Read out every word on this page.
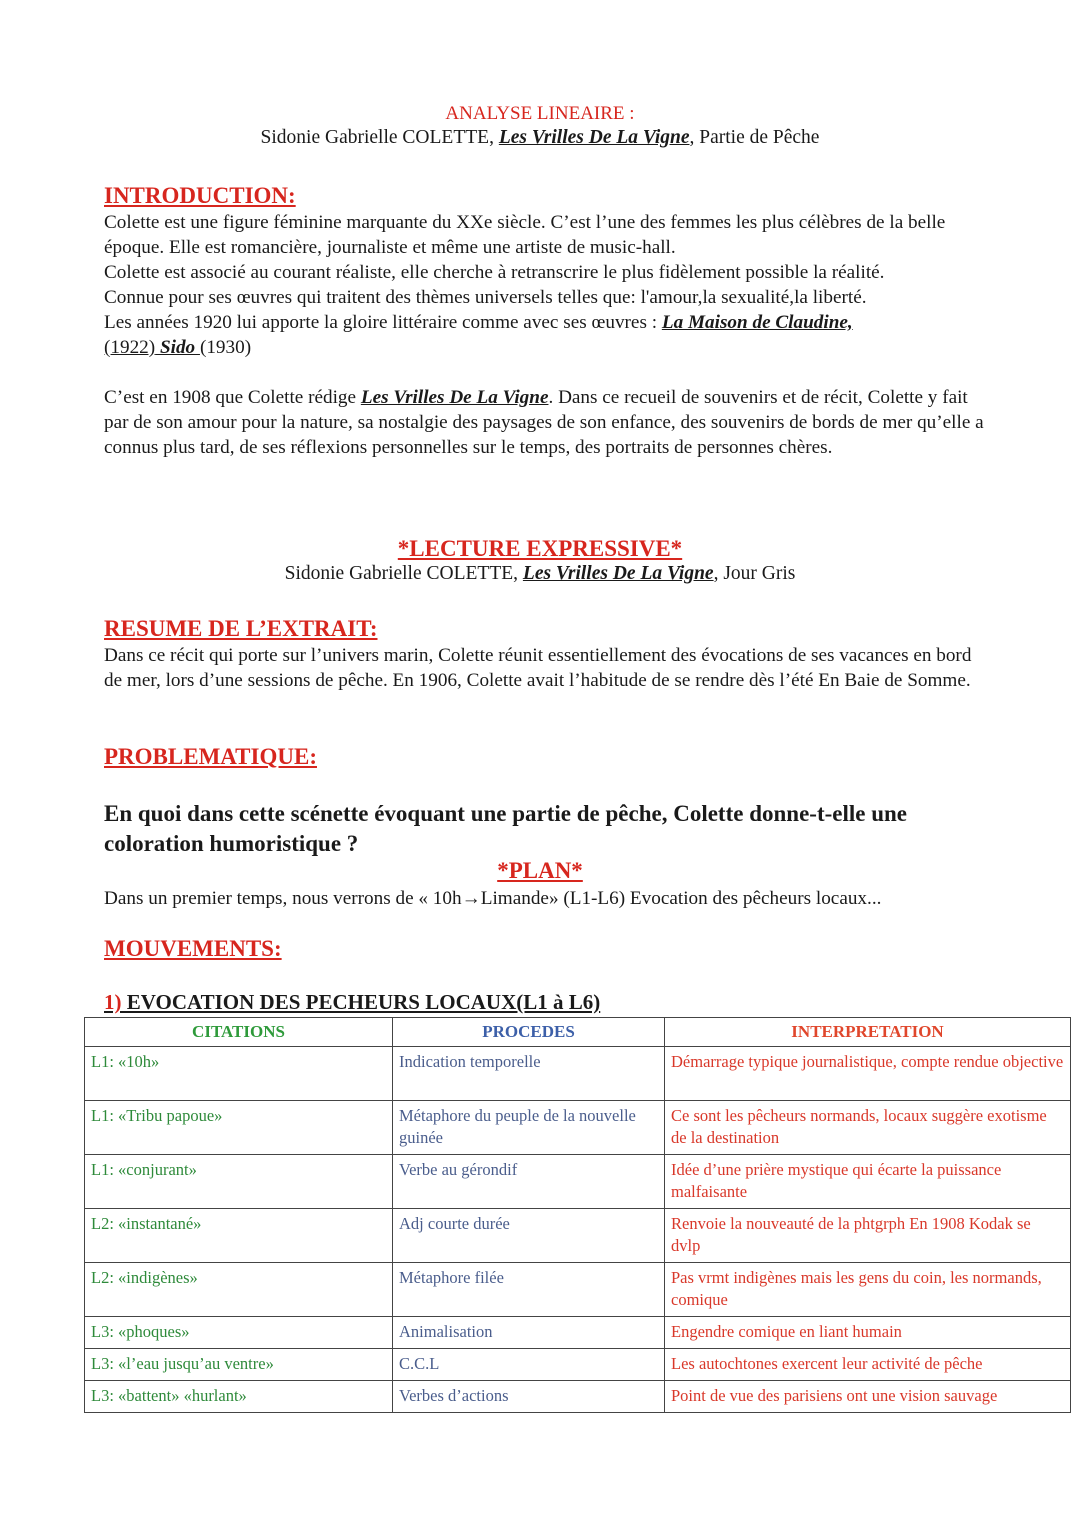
ANALYSE LINEAIRE :
Sidonie Gabrielle COLETTE, Les Vrilles De La Vigne, Partie de Pêche
INTRODUCTION:

Colette est une figure féminine marquante du XXe siècle. C’est l’une des femmes les plus célèbres de la belle époque. Elle est romancière, journaliste et même une artiste de music-hall.

Colette est associé au courant réaliste, elle cherche à retranscrire le plus fidèlement possible la réalité.

Connue pour ses œuvres qui traitent des thèmes universels telles que: l'amour,la sexualité,la liberté.

Les années 1920 lui apporte la gloire littéraire comme avec ses œuvres : La Maison de Claudine,
(1922) Sido (1930)

C’est en 1908 que Colette rédige Les Vrilles De La Vigne. Dans ce recueil de souvenirs et de récit, Colette y fait par de son amour pour la nature, sa nostalgie des paysages de son enfance, des souvenirs de bords de mer qu’elle a connus plus tard, de ses réflexions personnelles sur le temps, des portraits de personnes chères.

*LECTURE EXPRESSIVE*
Sidonie Gabrielle COLETTE, Les Vrilles De La Vigne, Jour Gris
RESUME DE L’EXTRAIT:
Dans ce récit qui porte sur l’univers marin, Colette réunit essentiellement des évocations de ses vacances en bord de mer, lors d’une sessions de pêche. En 1906, Colette avait l’habitude de se rendre dès l’été En Baie de Somme.
PROBLEMATIQUE:
En quoi dans cette scénette évoquant une partie de pêche, Colette donne-t-elle une coloration humoristique ?
*PLAN*
Dans un premier temps, nous verrons de « 10h→Limande» (L1-L6) Evocation des pêcheurs locaux...
MOUVEMENTS:
1) EVOCATION DES PECHEURS LOCAUX(L1 à L6)
CITATIONS	PROCEDES	INTERPRETATION
L1: «10h»	Indication temporelle	Démarrage typique journalistique, compte rendue objective
L1: «Tribu papoue»	Métaphore du peuple de la nouvelle guinée	Ce sont les pêcheurs normands, locaux suggère exotisme de la destination
L1: «conjurant»	Verbe au gérondif	Idée d’une prière mystique qui écarte la puissance malfaisante
L2: «instantané»	Adj courte durée	Renvoie la nouveauté de la phtgrph En 1908 Kodak se dvlp
L2: «indigènes»	Métaphore filée	Pas vrmt indigènes mais les gens du coin, les normands, comique
L3: «phoques»	Animalisation	Engendre comique en liant humain
L3: «l’eau jusqu’au ventre»	C.C.L	Les autochtones exercent leur activité de pêche
L3: «battent» «hurlant»	Verbes d’actions	Point de vue des parisiens ont une vision sauvage
